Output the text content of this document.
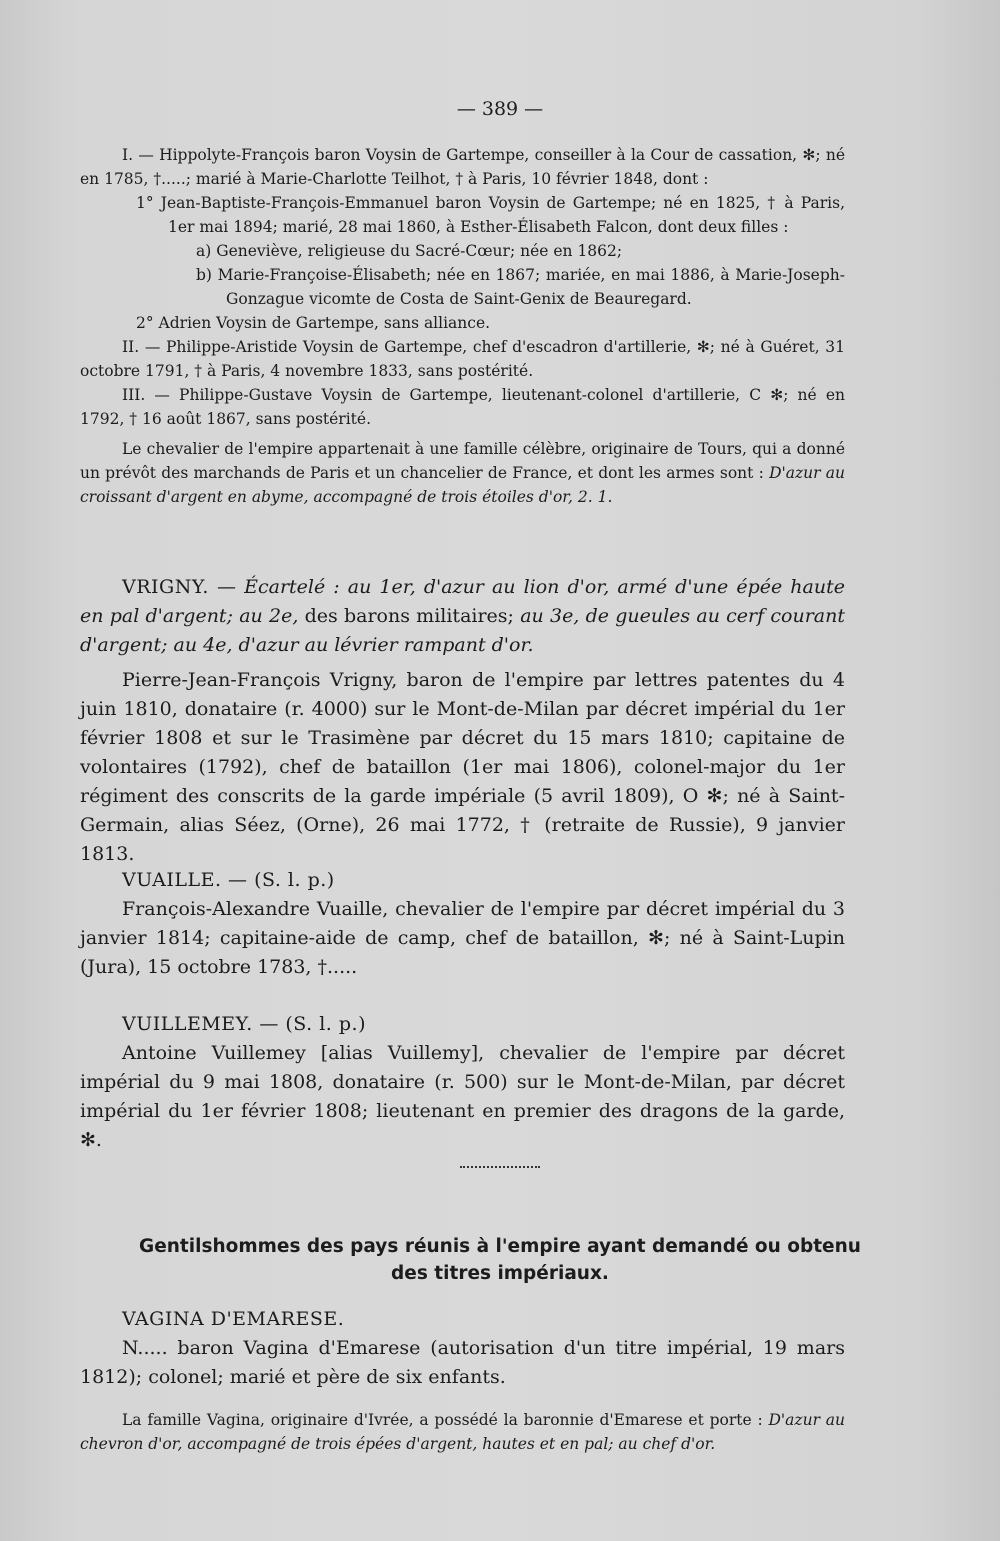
— 389 —

I. — Hippolyte-François baron Voysin de Gartempe, conseiller à la Cour de cassation, ✻; né en 1785, †.....; marié à Marie-Charlotte Teilhot, † à Paris, 10 février 1848, dont :

1° Jean-Baptiste-François-Emmanuel baron Voysin de Gartempe; né en 1825, † à Paris, 1er mai 1894; marié, 28 mai 1860, à Esther-Élisabeth Falcon, dont deux filles :

a) Geneviève, religieuse du Sacré-Cœur; née en 1862;

b) Marie-Françoise-Élisabeth; née en 1867; mariée, en mai 1886, à Marie-Joseph-Gonzague vicomte de Costa de Saint-Genix de Beauregard.

2° Adrien Voysin de Gartempe, sans alliance.

II. — Philippe-Aristide Voysin de Gartempe, chef d'escadron d'artillerie, ✻; né à Guéret, 31 octobre 1791, † à Paris, 4 novembre 1833, sans postérité.

III. — Philippe-Gustave Voysin de Gartempe, lieutenant-colonel d'artillerie, C ✻; né en 1792, † 16 août 1867, sans postérité.

Le chevalier de l'empire appartenait à une famille célèbre, originaire de Tours, qui a donné un prévôt des marchands de Paris et un chancelier de France, et dont les armes sont : D'azur au croissant d'argent en abyme, accompagné de trois étoiles d'or, 2. 1.

VRIGNY. — Écartelé : au 1er, d'azur au lion d'or, armé d'une épée haute en pal d'argent; au 2e, des barons militaires; au 3e, de gueules au cerf courant d'argent; au 4e, d'azur au lévrier rampant d'or.

Pierre-Jean-François Vrigny, baron de l'empire par lettres patentes du 4 juin 1810, donataire (r. 4000) sur le Mont-de-Milan par décret impérial du 1er février 1808 et sur le Trasimène par décret du 15 mars 1810; capitaine de volontaires (1792), chef de bataillon (1er mai 1806), colonel-major du 1er régiment des conscrits de la garde impériale (5 avril 1809), O ✻; né à Saint-Germain, alias Séez, (Orne), 26 mai 1772, † (retraite de Russie), 9 janvier 1813.

VUAILLE. — (S. l. p.)

François-Alexandre Vuaille, chevalier de l'empire par décret impérial du 3 janvier 1814; capitaine-aide de camp, chef de bataillon, ✻; né à Saint-Lupin (Jura), 15 octobre 1783, †.....

VUILLEMEY. — (S. l. p.)

Antoine Vuillemey [alias Vuillemy], chevalier de l'empire par décret impérial du 9 mai 1808, donataire (r. 500) sur le Mont-de-Milan, par décret impérial du 1er février 1808; lieutenant en premier des dragons de la garde, ✻.

Gentilshommes des pays réunis à l'empire ayant demandé ou obtenu
des titres impériaux.

VAGINA D'EMARESE.

N..... baron Vagina d'Emarese (autorisation d'un titre impérial, 19 mars 1812); colonel; marié et père de six enfants.

La famille Vagina, originaire d'Ivrée, a possédé la baronnie d'Emarese et porte : D'azur au chevron d'or, accompagné de trois épées d'argent, hautes et en pal; au chef d'or.
